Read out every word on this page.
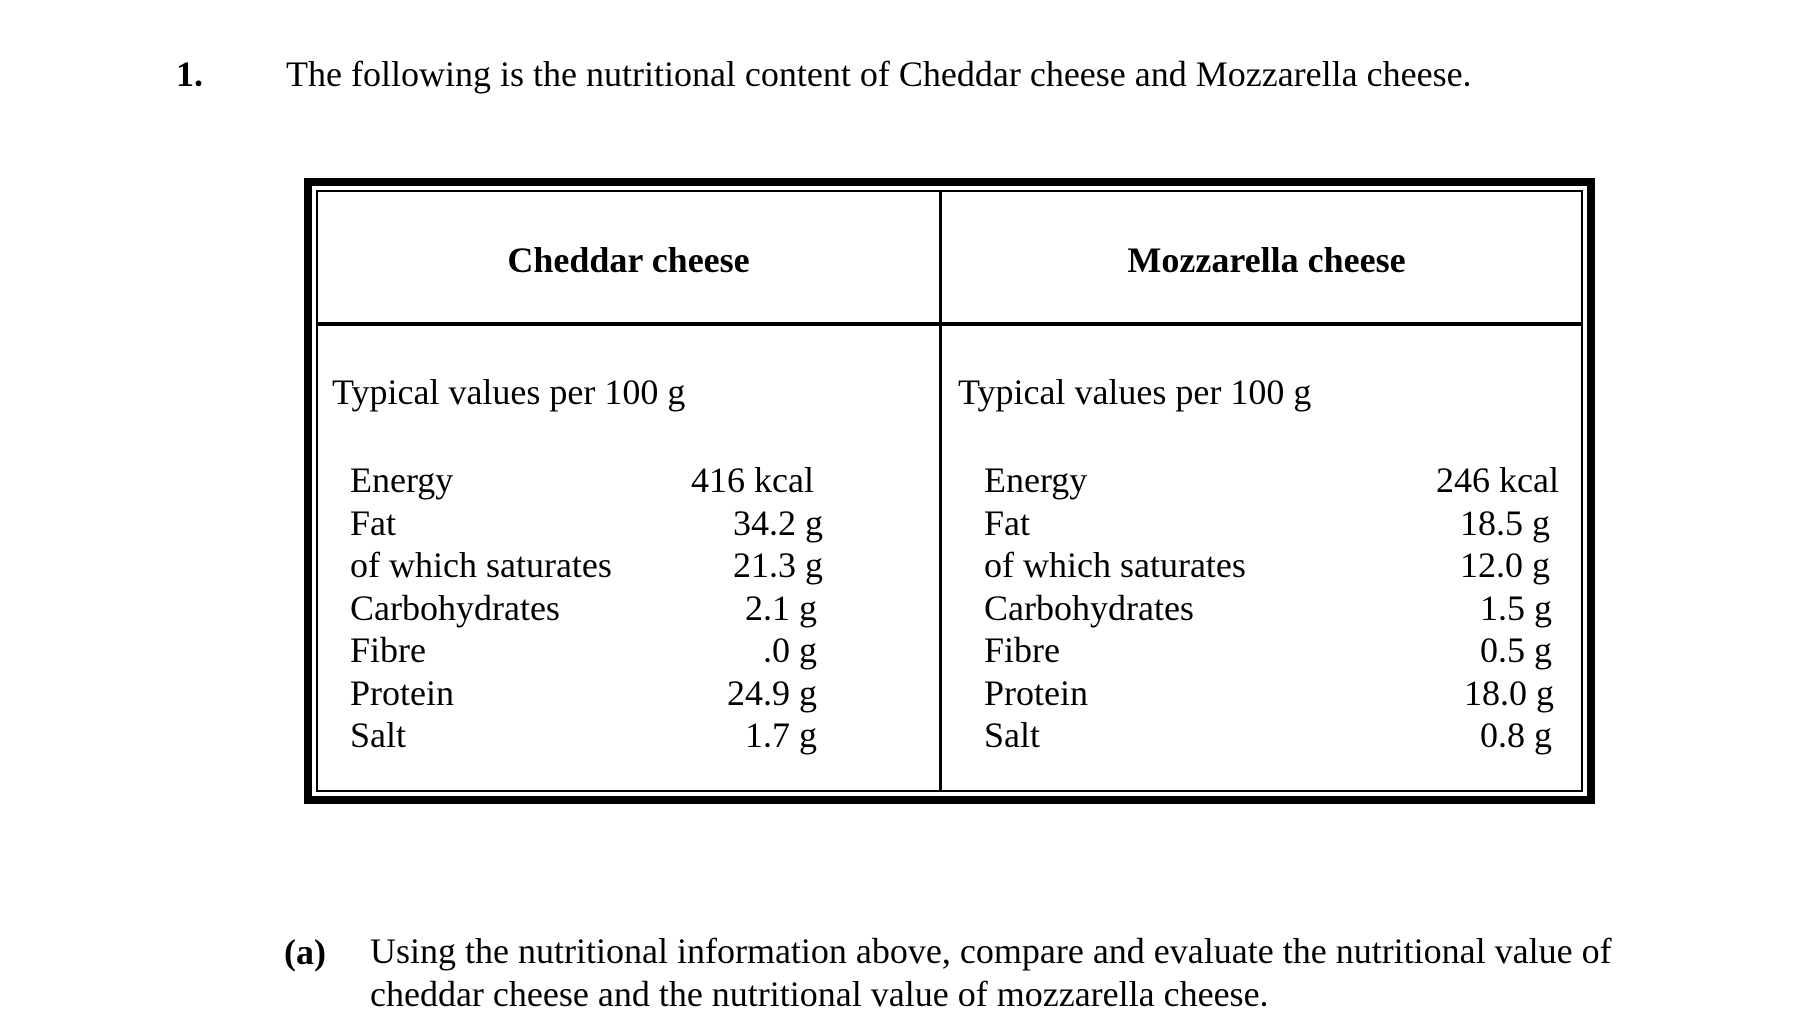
1. The following is the nutritional content of Cheddar cheese and Mozzarella cheese.
Cheddar cheese
Typical values per 100 g
Energy	416 kcal
Fat	34.2 g
of which saturates	21.3 g
Carbohydrates	2.1 g
Fibre	.0 g
Protein	24.9 g
Salt	1.7 g
Mozzarella cheese
Typical values per 100 g
Energy	246 kcal
Fat	18.5 g
of which saturates	12.0 g
Carbohydrates	1.5 g
Fibre	0.5 g
Protein	18.0 g
Salt	0.8 g
(a) Using the nutritional information above, compare and evaluate the nutritional value of cheddar cheese and the nutritional value of mozzarella cheese.
